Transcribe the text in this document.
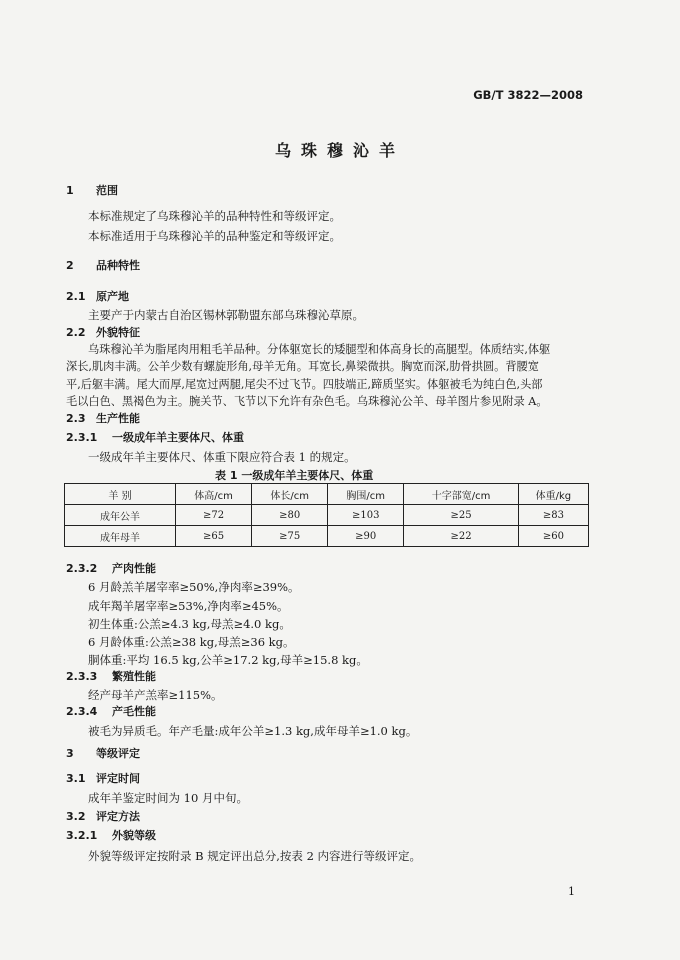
GB/T 3822—2008
乌珠穆沁羊
1 范围
本标准规定了乌珠穆沁羊的品种特性和等级评定。
本标准适用于乌珠穆沁羊的品种鉴定和等级评定。
2 品种特性
2.1 原产地
主要产于内蒙古自治区锡林郭勒盟东部乌珠穆沁草原。
2.2 外貌特征
乌珠穆沁羊为脂尾肉用粗毛羊品种。分体躯宽长的矮腿型和体高身长的高腿型。体质结实,体躯
深长,肌肉丰满。公羊少数有螺旋形角,母羊无角。耳宽长,鼻梁微拱。胸宽而深,肋骨拱圆。背腰宽
平,后躯丰满。尾大而厚,尾宽过两腿,尾尖不过飞节。四肢端正,蹄质坚实。体躯被毛为纯白色,头部
毛以白色、黑褐色为主。腕关节、飞节以下允许有杂色毛。乌珠穆沁公羊、母羊图片参见附录 A。
2.3 生产性能
2.3.1 一级成年羊主要体尺、体重
一级成年羊主要体尺、体重下限应符合表 1 的规定。
表 1 一级成年羊主要体尺、体重
羊 别	体高/cm	体长/cm	胸围/cm	十字部宽/cm	体重/kg
成年公羊	≥72	≥80	≥103	≥25	≥83
成年母羊	≥65	≥75	≥90	≥22	≥60
2.3.2 产肉性能
6 月龄羔羊屠宰率≥50%,净肉率≥39%。
成年羯羊屠宰率≥53%,净肉率≥45%。
初生体重:公羔≥4.3 kg,母羔≥4.0 kg。
6 月龄体重:公羔≥38 kg,母羔≥36 kg。
胴体重:平均 16.5 kg,公羊≥17.2 kg,母羊≥15.8 kg。
2.3.3 繁殖性能
经产母羊产羔率≥115%。
2.3.4 产毛性能
被毛为异质毛。年产毛量:成年公羊≥1.3 kg,成年母羊≥1.0 kg。
3 等级评定
3.1 评定时间
成年羊鉴定时间为 10 月中旬。
3.2 评定方法
3.2.1 外貌等级
外貌等级评定按附录 B 规定评出总分,按表 2 内容进行等级评定。
1
